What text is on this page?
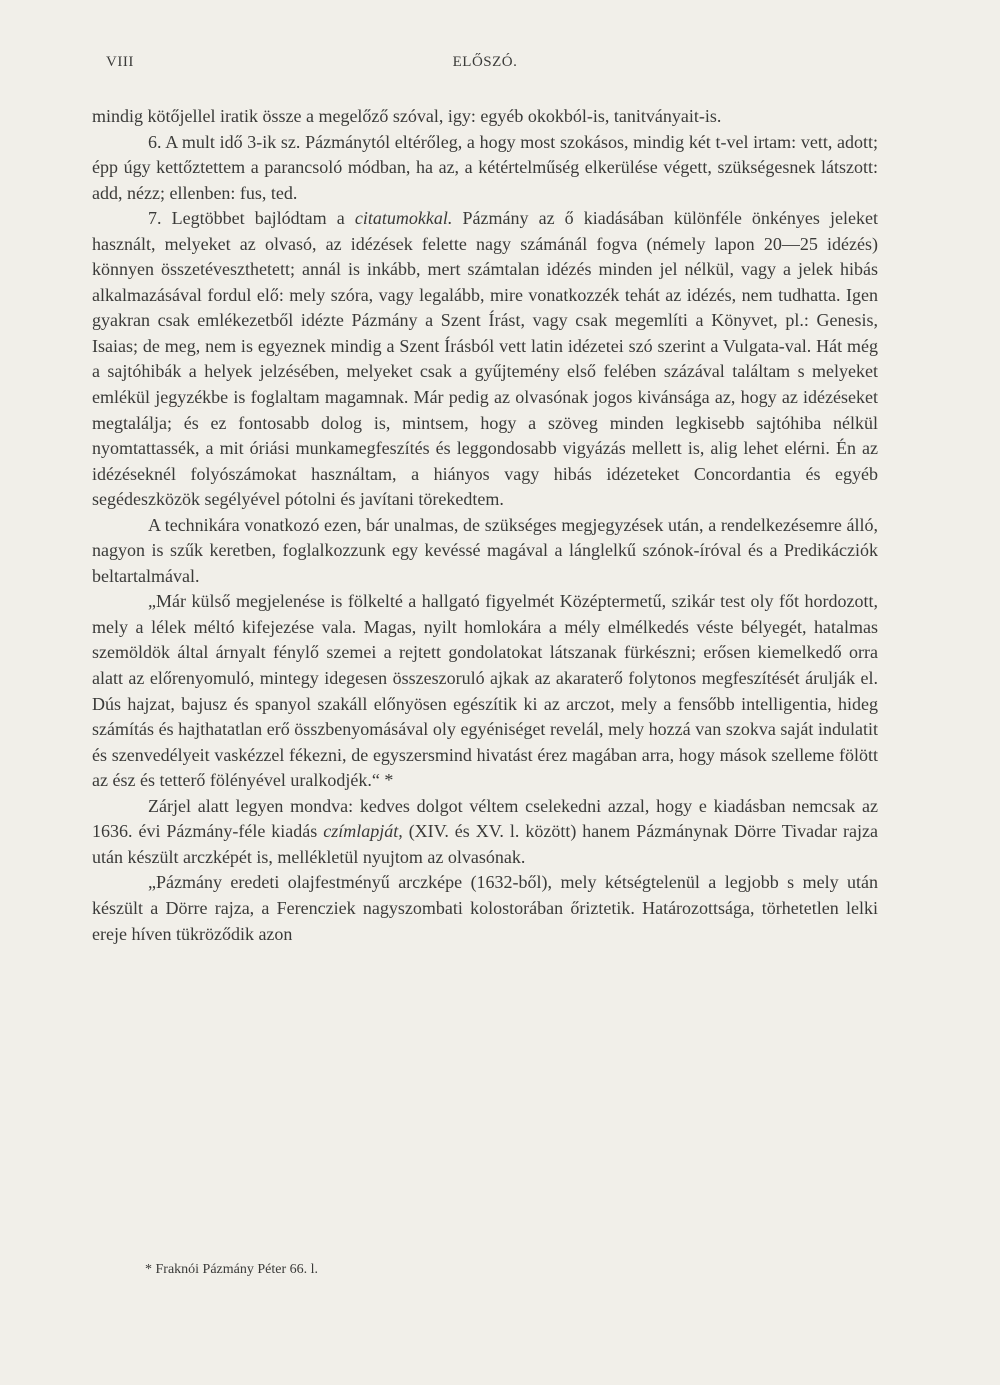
VIII	ELŐSZÓ.

mindig kötőjellel iratik össze a megelőző szóval, igy: egyéb okokból-is, tanitványait-is.

6. A mult idő 3-ik sz. Pázmánytól eltérőleg, a hogy most szokásos, mindig két t-vel irtam: vett, adott; épp úgy kettőztettem a parancsoló módban, ha az, a kétértelműség elkerülése végett, szükségesnek látszott: add, nézz; ellenben: fus, ted.

7. Legtöbbet bajlódtam a citatumokkal. Pázmány az ő kiadásában különféle önkényes jeleket használt, melyeket az olvasó, az idézések felette nagy számánál fogva (némely lapon 20—25 idézés) könnyen összetéveszthetett; annál is inkább, mert számtalan idézés minden jel nélkül, vagy a jelek hibás alkalmazásával fordul elő: mely szóra, vagy legalább, mire vonatkozzék tehát az idézés, nem tudhatta. Igen gyakran csak emlékezetből idézte Pázmány a Szent Írást, vagy csak megemlíti a Könyvet, pl.: Genesis, Isaias; de meg, nem is egyeznek mindig a Szent Írásból vett latin idézetei szó szerint a Vulgata-val. Hát még a sajtóhibák a helyek jelzésében, melyeket csak a gyűjtemény első felében százával találtam s melyeket emlékül jegyzékbe is foglaltam magamnak. Már pedig az olvasónak jogos kivánsága az, hogy az idézéseket megtalálja; és ez fontosabb dolog is, mintsem, hogy a szöveg minden legkisebb sajtóhiba nélkül nyomtattassék, a mit óriási munkamegfeszítés és leggondosabb vigyázás mellett is, alig lehet elérni. Én az idézéseknél folyószámokat használtam, a hiányos vagy hibás idézeteket Concordantia és egyéb segédeszközök segélyével pótolni és javítani törekedtem.

A technikára vonatkozó ezen, bár unalmas, de szükséges megjegyzések után, a rendelkezésemre álló, nagyon is szűk keretben, foglalkozzunk egy kevéssé magával a lánglelkű szónok-íróval és a Predikácziók beltartalmával.

„Már külső megjelenése is fölkelté a hallgató figyelmét Középtermetű, szikár test oly főt hordozott, mely a lélek méltó kifejezése vala. Magas, nyilt homlokára a mély elmélkedés véste bélyegét, hatalmas szemöldök által árnyalt fénylő szemei a rejtett gondolatokat látszanak fürkészni; erősen kiemelkedő orra alatt az előrenyomuló, mintegy idegesen összeszoruló ajkak az akaraterő folytonos megfeszítését árulják el. Dús hajzat, bajusz és spanyol szakáll előnyösen egészítik ki az arczot, mely a fensőbb intelligentia, hideg számítás és hajthatatlan erő összbenyomásával oly egyéniséget revelál, mely hozzá van szokva saját indulatit és szenvedélyeit vaskézzel fékezni, de egyszersmind hivatást érez magában arra, hogy mások szelleme fölött az ész és tetterő fölényével uralkodjék.“ *

Zárjel alatt legyen mondva: kedves dolgot véltem cselekedni azzal, hogy e kiadásban nemcsak az 1636. évi Pázmány-féle kiadás czímlapját, (XIV. és XV. l. között) hanem Pázmánynak Dörre Tivadar rajza után készült arczképét is, mellékletül nyujtom az olvasónak.

„Pázmány eredeti olajfestményű arczképe (1632-ből), mely kétségtelenül a legjobb s mely után készült a Dörre rajza, a Ferencziek nagyszombati kolostorában őriztetik. Határozottsága, törhetetlen lelki ereje híven tükröződik azon

* Fraknói Pázmány Péter 66. l.
